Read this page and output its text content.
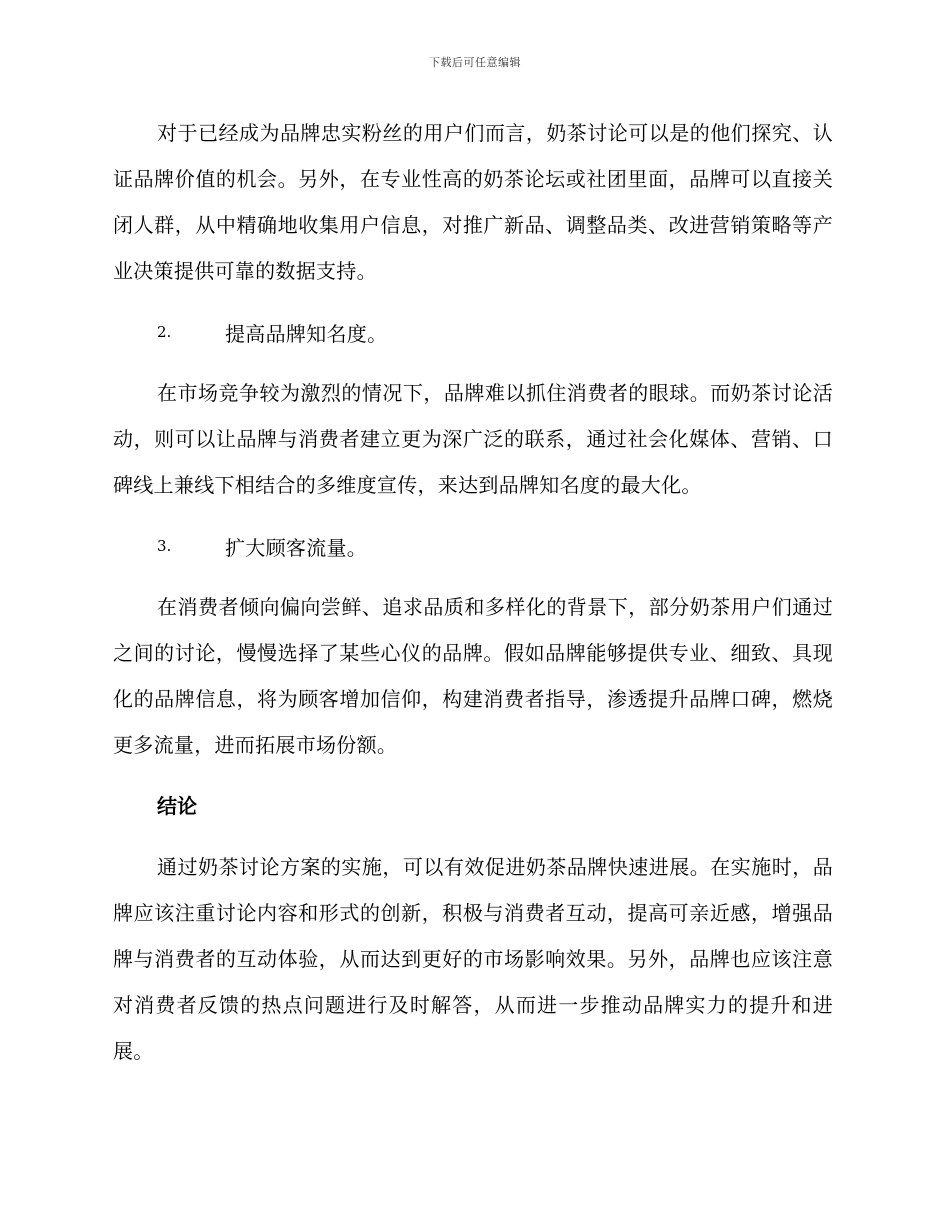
下载后可任意编辑

对于已经成为品牌忠实粉丝的用户们而言，奶茶讨论可以是的他们探究、认证品牌价值的机会。另外，在专业性高的奶茶论坛或社团里面，品牌可以直接关闭人群，从中精确地收集用户信息，对推广新品、调整品类、改进营销策略等产业决策提供可靠的数据支持。

2.	提高品牌知名度。

在市场竞争较为激烈的情况下，品牌难以抓住消费者的眼球。而奶茶讨论活动，则可以让品牌与消费者建立更为深广泛的联系，通过社会化媒体、营销、口碑线上兼线下相结合的多维度宣传，来达到品牌知名度的最大化。

3.	扩大顾客流量。

在消费者倾向偏向尝鲜、追求品质和多样化的背景下，部分奶茶用户们通过之间的讨论，慢慢选择了某些心仪的品牌。假如品牌能够提供专业、细致、具现化的品牌信息，将为顾客增加信仰，构建消费者指导，渗透提升品牌口碑，燃烧更多流量，进而拓展市场份额。

结论

通过奶茶讨论方案的实施，可以有效促进奶茶品牌快速进展。在实施时，品牌应该注重讨论内容和形式的创新，积极与消费者互动，提高可亲近感，增强品牌与消费者的互动体验，从而达到更好的市场影响效果。另外，品牌也应该注意对消费者反馈的热点问题进行及时解答，从而进一步推动品牌实力的提升和进展。
